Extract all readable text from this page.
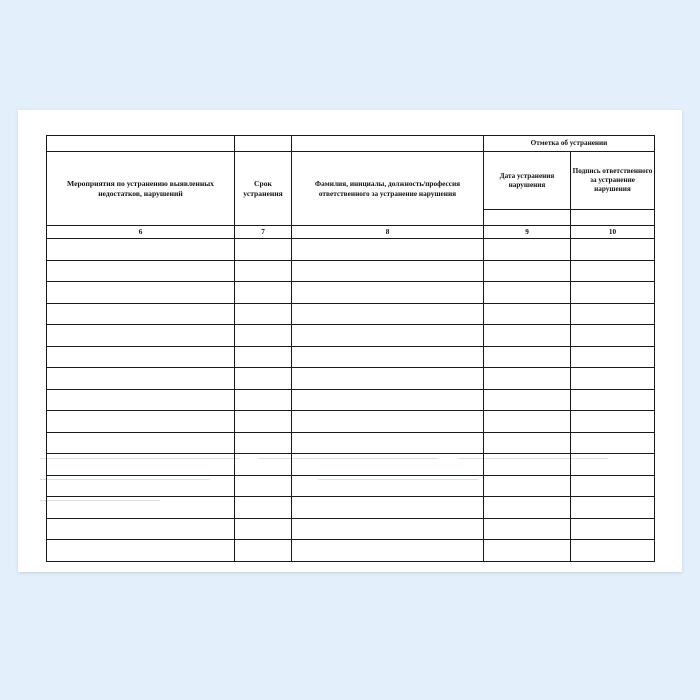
			Отметка об устранении	
Мероприятия по устранению выявленных недостатков, нарушений	Срок устранения	Фамилия, инициалы, должность/профессия ответственного за устранение нарушения	Дата устранения нарушения	Подпись ответственного за устранение нарушения

6	7	8	9	10
